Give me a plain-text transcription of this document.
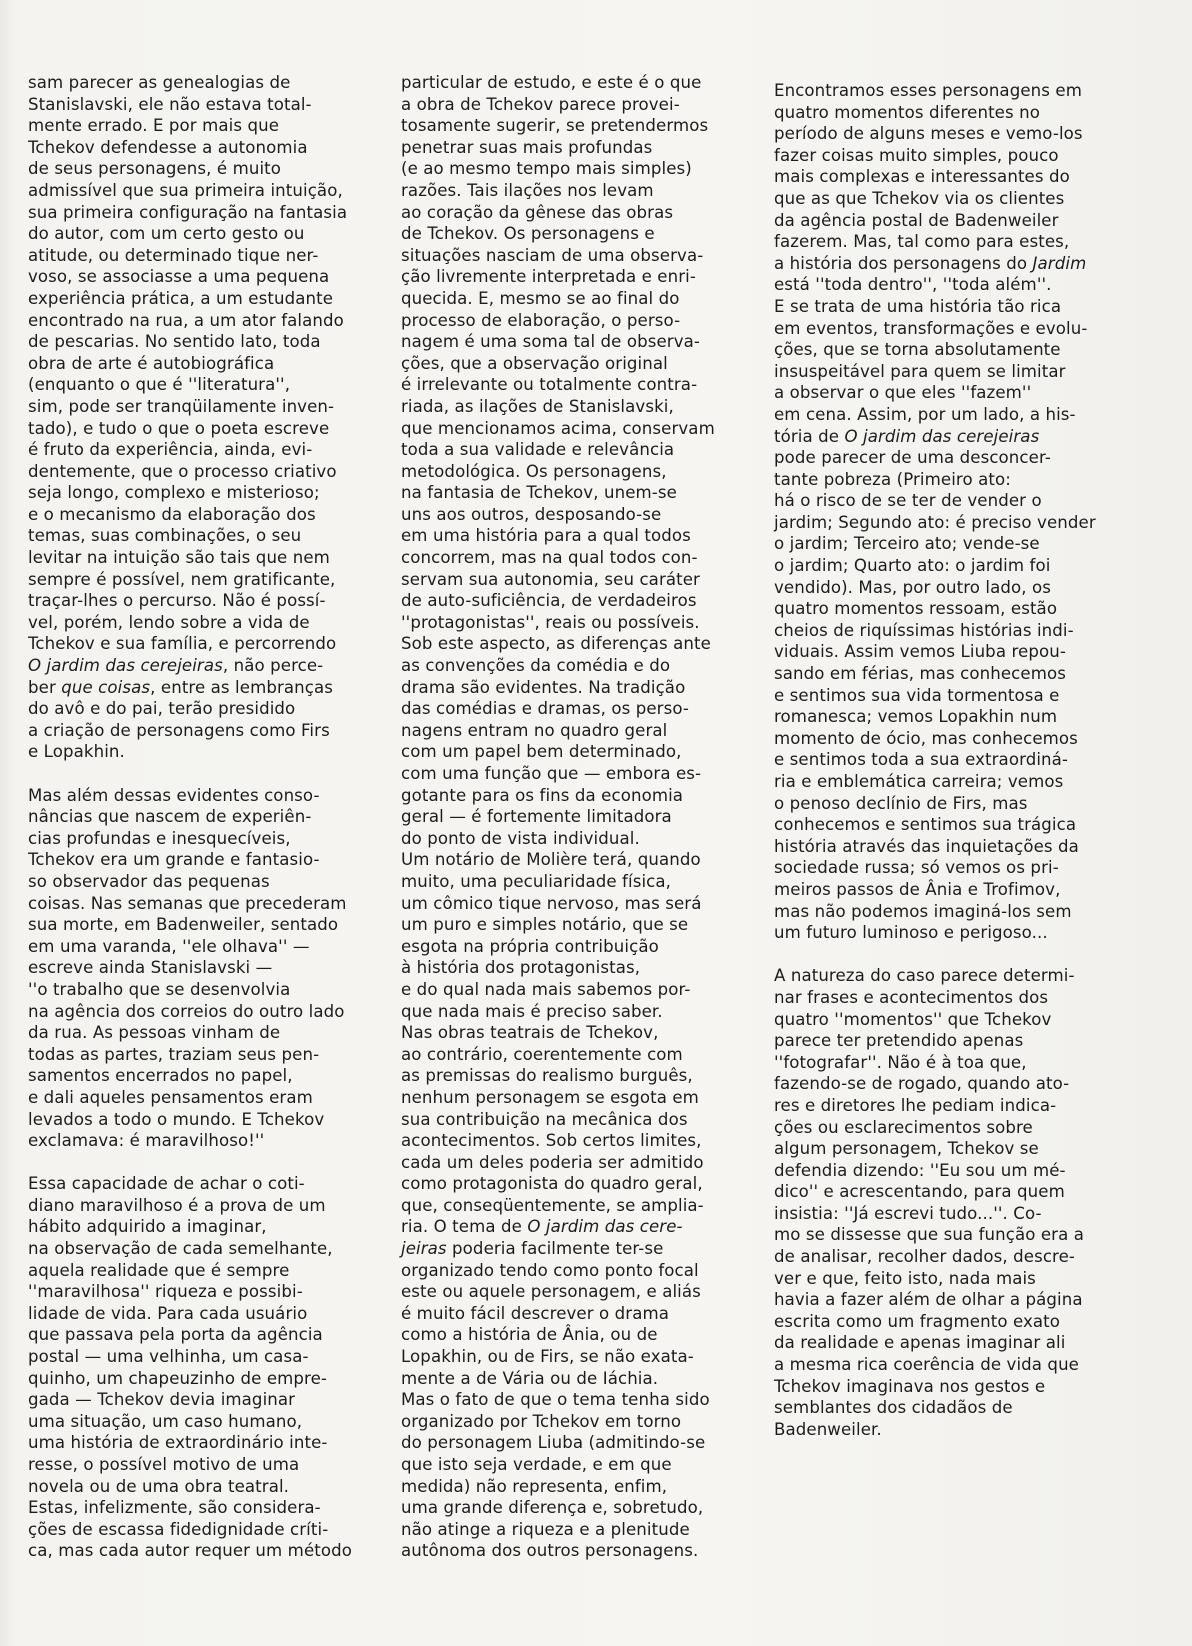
sam parecer as genealogias de
Stanislavski, ele não estava total-
mente errado. E por mais que
Tchekov defendesse a autonomia
de seus personagens, é muito
admissível que sua primeira intuição,
sua primeira configuração na fantasia
do autor, com um certo gesto ou
atitude, ou determinado tique ner-
voso, se associasse a uma pequena
experiência prática, a um estudante
encontrado na rua, a um ator falando
de pescarias. No sentido lato, toda
obra de arte é autobiográfica
(enquanto o que é ''literatura'',
sim, pode ser tranqüilamente inven-
tado), e tudo o que o poeta escreve
é fruto da experiência, ainda, evi-
dentemente, que o processo criativo
seja longo, complexo e misterioso;
e o mecanismo da elaboração dos
temas, suas combinações, o seu
levitar na intuição são tais que nem
sempre é possível, nem gratificante,
traçar-lhes o percurso. Não é possí-
vel, porém, lendo sobre a vida de
Tchekov e sua família, e percorrendo
O jardim das cerejeiras, não perce-
ber que coisas, entre as lembranças
do avô e do pai, terão presidido
a criação de personagens como Firs
e Lopakhin.
Mas além dessas evidentes conso-
nâncias que nascem de experiên-
cias profundas e inesquecíveis,
Tchekov era um grande e fantasio-
so observador das pequenas
coisas. Nas semanas que precederam
sua morte, em Badenweiler, sentado
em uma varanda, ''ele olhava'' —
escreve ainda Stanislavski —
''o trabalho que se desenvolvia
na agência dos correios do outro lado
da rua. As pessoas vinham de
todas as partes, traziam seus pen-
samentos encerrados no papel,
e dali aqueles pensamentos eram
levados a todo o mundo. E Tchekov
exclamava: é maravilhoso!''
Essa capacidade de achar o coti-
diano maravilhoso é a prova de um
hábito adquirido a imaginar,
na observação de cada semelhante,
aquela realidade que é sempre
''maravilhosa'' riqueza e possibi-
lidade de vida. Para cada usuário
que passava pela porta da agência
postal — uma velhinha, um casa-
quinho, um chapeuzinho de empre-
gada — Tchekov devia imaginar
uma situação, um caso humano,
uma história de extraordinário inte-
resse, o possível motivo de uma
novela ou de uma obra teatral.
Estas, infelizmente, são considera-
ções de escassa fidedignidade críti-
ca, mas cada autor requer um método
particular de estudo, e este é o que
a obra de Tchekov parece provei-
tosamente sugerir, se pretendermos
penetrar suas mais profundas
(e ao mesmo tempo mais simples)
razões. Tais ilações nos levam
ao coração da gênese das obras
de Tchekov. Os personagens e
situações nasciam de uma observa-
ção livremente interpretada e enri-
quecida. E, mesmo se ao final do
processo de elaboração, o perso-
nagem é uma soma tal de observa-
ções, que a observação original
é irrelevante ou totalmente contra-
riada, as ilações de Stanislavski,
que mencionamos acima, conservam
toda a sua validade e relevância
metodológica. Os personagens,
na fantasia de Tchekov, unem-se
uns aos outros, desposando-se
em uma história para a qual todos
concorrem, mas na qual todos con-
servam sua autonomia, seu caráter
de auto-suficiência, de verdadeiros
''protagonistas'', reais ou possíveis.
Sob este aspecto, as diferenças ante
as convenções da comédia e do
drama são evidentes. Na tradição
das comédias e dramas, os perso-
nagens entram no quadro geral
com um papel bem determinado,
com uma função que — embora es-
gotante para os fins da economia
geral — é fortemente limitadora
do ponto de vista individual.
Um notário de Molière terá, quando
muito, uma peculiaridade física,
um cômico tique nervoso, mas será
um puro e simples notário, que se
esgota na própria contribuição
à história dos protagonistas,
e do qual nada mais sabemos por-
que nada mais é preciso saber.
Nas obras teatrais de Tchekov,
ao contrário, coerentemente com
as premissas do realismo burguês,
nenhum personagem se esgota em
sua contribuição na mecânica dos
acontecimentos. Sob certos limites,
cada um deles poderia ser admitido
como protagonista do quadro geral,
que, conseqüentemente, se amplia-
ria. O tema de O jardim das cere-
jeiras poderia facilmente ter-se
organizado tendo como ponto focal
este ou aquele personagem, e aliás
é muito fácil descrever o drama
como a história de Ânia, ou de
Lopakhin, ou de Firs, se não exata-
mente a de Vária ou de Iáchia.
Mas o fato de que o tema tenha sido
organizado por Tchekov em torno
do personagem Liuba (admitindo-se
que isto seja verdade, e em que
medida) não representa, enfim,
uma grande diferença e, sobretudo,
não atinge a riqueza e a plenitude
autônoma dos outros personagens.
Encontramos esses personagens em
quatro momentos diferentes no
período de alguns meses e vemo-los
fazer coisas muito simples, pouco
mais complexas e interessantes do
que as que Tchekov via os clientes
da agência postal de Badenweiler
fazerem. Mas, tal como para estes,
a história dos personagens do Jardim
está ''toda dentro'', ''toda além''.
E se trata de uma história tão rica
em eventos, transformações e evolu-
ções, que se torna absolutamente
insuspeitável para quem se limitar
a observar o que eles ''fazem''
em cena. Assim, por um lado, a his-
tória de O jardim das cerejeiras
pode parecer de uma desconcer-
tante pobreza (Primeiro ato:
há o risco de se ter de vender o
jardim; Segundo ato: é preciso vender
o jardim; Terceiro ato; vende-se
o jardim; Quarto ato: o jardim foi
vendido). Mas, por outro lado, os
quatro momentos ressoam, estão
cheios de riquíssimas histórias indi-
viduais. Assim vemos Liuba repou-
sando em férias, mas conhecemos
e sentimos sua vida tormentosa e
romanesca; vemos Lopakhin num
momento de ócio, mas conhecemos
e sentimos toda a sua extraordiná-
ria e emblemática carreira; vemos
o penoso declínio de Firs, mas
conhecemos e sentimos sua trágica
história através das inquietações da
sociedade russa; só vemos os pri-
meiros passos de Ânia e Trofimov,
mas não podemos imaginá-los sem
um futuro luminoso e perigoso...
A natureza do caso parece determi-
nar frases e acontecimentos dos
quatro ''momentos'' que Tchekov
parece ter pretendido apenas
''fotografar''. Não é à toa que,
fazendo-se de rogado, quando ato-
res e diretores lhe pediam indica-
ções ou esclarecimentos sobre
algum personagem, Tchekov se
defendia dizendo: ''Eu sou um mé-
dico'' e acrescentando, para quem
insistia: ''Já escrevi tudo...''. Co-
mo se dissesse que sua função era a
de analisar, recolher dados, descre-
ver e que, feito isto, nada mais
havia a fazer além de olhar a página
escrita como um fragmento exato
da realidade e apenas imaginar ali
a mesma rica coerência de vida que
Tchekov imaginava nos gestos e
semblantes dos cidadãos de
Badenweiler.
